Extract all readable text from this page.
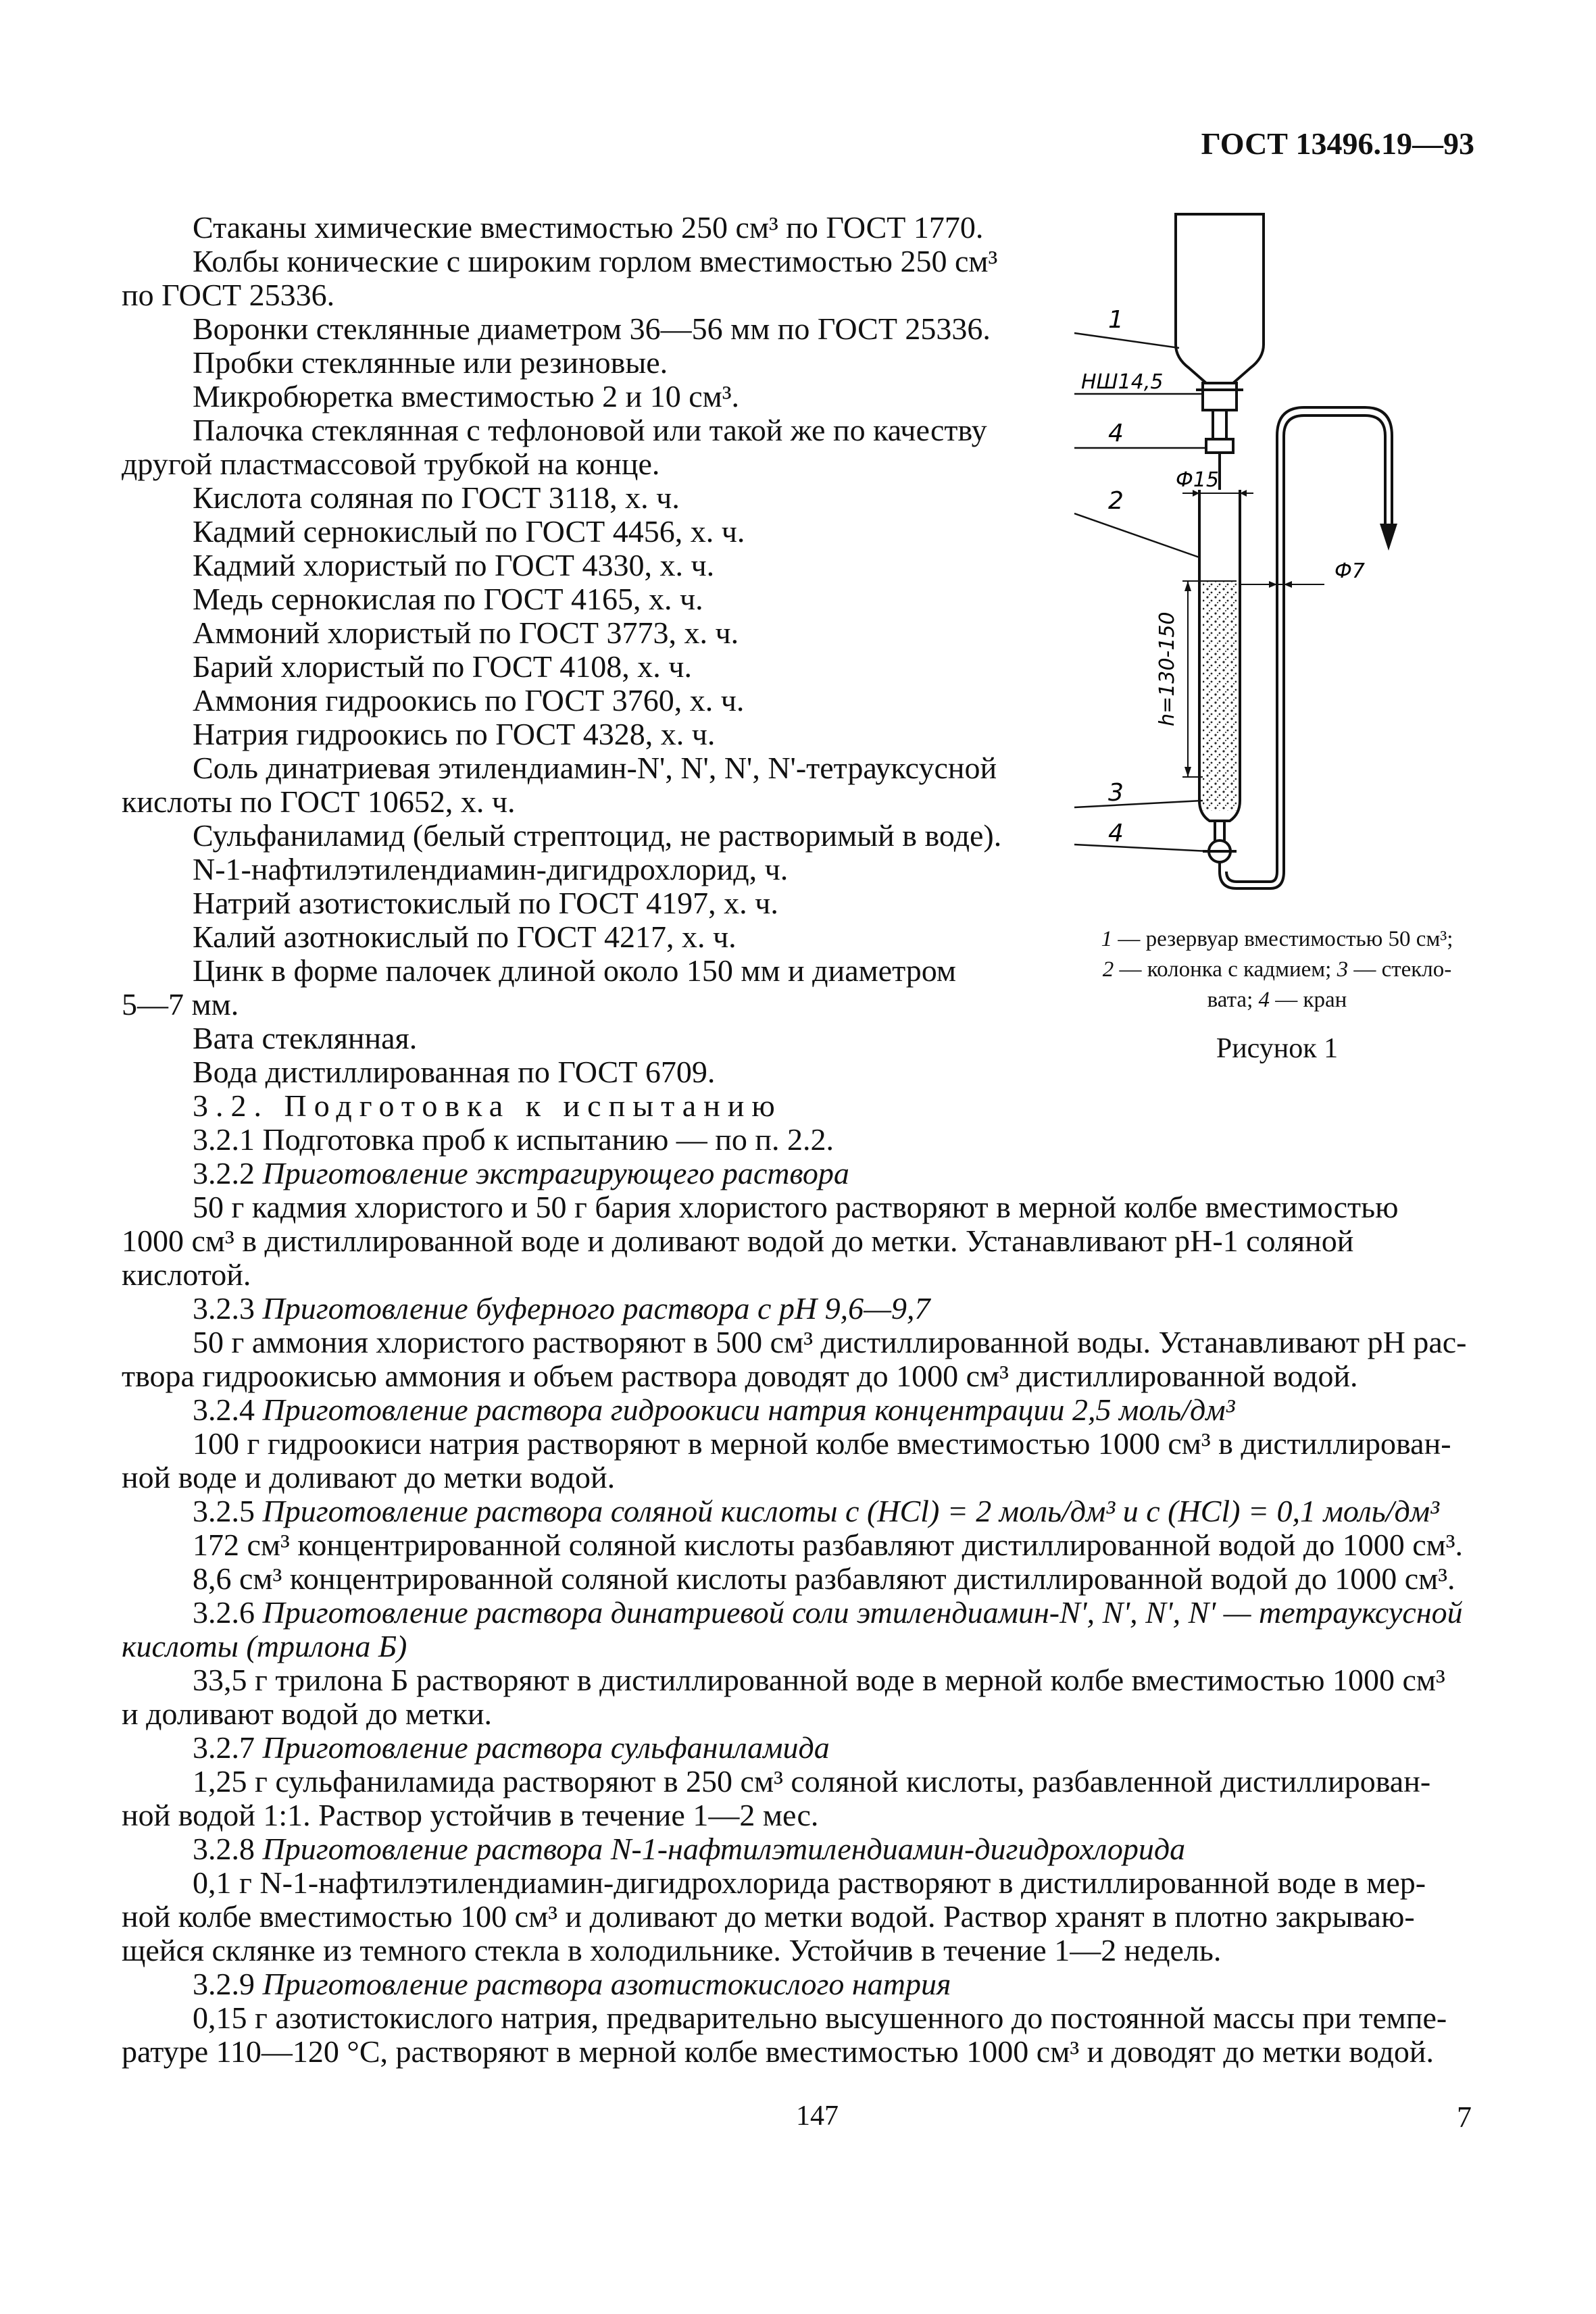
ГОСТ 13496.19—93
Стаканы химические вместимостью 250 см³ по ГОСТ 1770.
Колбы конические с широким горлом вместимостью 250 см³
по ГОСТ 25336.
Воронки стеклянные диаметром 36—56 мм по ГОСТ 25336.
Пробки стеклянные или резиновые.
Микробюретка вместимостью 2 и 10 см³.
Палочка стеклянная с тефлоновой или такой же по качеству
другой пластмассовой трубкой на конце.
Кислота соляная по ГОСТ 3118, х. ч.
Кадмий сернокислый по ГОСТ 4456, х. ч.
Кадмий хлористый по ГОСТ 4330, х. ч.
Медь сернокислая по ГОСТ 4165, х. ч.
Аммоний хлористый по ГОСТ 3773, х. ч.
Барий хлористый по ГОСТ 4108, х. ч.
Аммония гидроокись по ГОСТ 3760, х. ч.
Натрия гидроокись по ГОСТ 4328, х. ч.
Соль динатриевая этилендиамин-N', N', N', N'-тетрауксусной
кислоты по ГОСТ 10652, х. ч.
Сульфаниламид (белый стрептоцид, не растворимый в воде).
N-1-нафтилэтилендиамин-дигидрохлорид, ч.
Натрий азотистокислый по ГОСТ 4197, х. ч.
Калий азотнокислый по ГОСТ 4217, х. ч.
Цинк в форме палочек длиной около 150 мм и диаметром
5—7 мм.
Вата стеклянная.
Вода дистиллированная по ГОСТ 6709.
3.2. Подготовка к испытанию
3.2.1 Подготовка проб к испытанию — по п. 2.2.
3.2.2 Приготовление экстрагирующего раствора
50 г кадмия хлористого и 50 г бария хлористого растворяют в мерной колбе вместимостью
1000 см³ в дистиллированной воде и доливают водой до метки. Устанавливают pH-1 соляной
кислотой.
3.2.3 Приготовление буферного раствора с pH 9,6—9,7
50 г аммония хлористого растворяют в 500 см³ дистиллированной воды. Устанавливают pH рас-
твора гидроокисью аммония и объем раствора доводят до 1000 см³ дистиллированной водой.
3.2.4 Приготовление раствора гидроокиси натрия концентрации 2,5 моль/дм³
100 г гидроокиси натрия растворяют в мерной колбе вместимостью 1000 см³ в дистиллирован-
ной воде и доливают до метки водой.
3.2.5 Приготовление раствора соляной кислоты с (HCl) = 2 моль/дм³ и с (HCl) = 0,1 моль/дм³
172 см³ концентрированной соляной кислоты разбавляют дистиллированной водой до 1000 см³.
8,6 см³ концентрированной соляной кислоты разбавляют дистиллированной водой до 1000 см³.
3.2.6 Приготовление раствора динатриевой соли этилендиамин-N', N', N', N' — тетрауксусной
кислоты (трилона Б)
33,5 г трилона Б растворяют в дистиллированной воде в мерной колбе вместимостью 1000 см³
и доливают водой до метки.
3.2.7 Приготовление раствора сульфаниламида
1,25 г сульфаниламида растворяют в 250 см³ соляной кислоты, разбавленной дистиллирован-
ной водой 1:1. Раствор устойчив в течение 1—2 мес.
3.2.8 Приготовление раствора N-1-нафтилэтилендиамин-дигидрохлорида
0,1 г N-1-нафтилэтилендиамин-дигидрохлорида растворяют в дистиллированной воде в мер-
ной колбе вместимостью 100 см³ и доливают до метки водой. Раствор хранят в плотно закрываю-
щейся склянке из темного стекла в холодильнике. Устойчив в течение 1—2 недель.
3.2.9 Приготовление раствора азотистокислого натрия
0,15 г азотистокислого натрия, предварительно высушенного до постоянной массы при темпе-
ратуре 110—120 °С, растворяют в мерной колбе вместимостью 1000 см³ и доводят до метки водой.
1
НШ14,5
4
Ф15
2
Ф7
h=130-150
3
4
1 — резервуар вместимостью 50 см³;
2 — колонка с кадмием; 3 — стекло-
вата; 4 — кран
Рисунок 1
147	7
